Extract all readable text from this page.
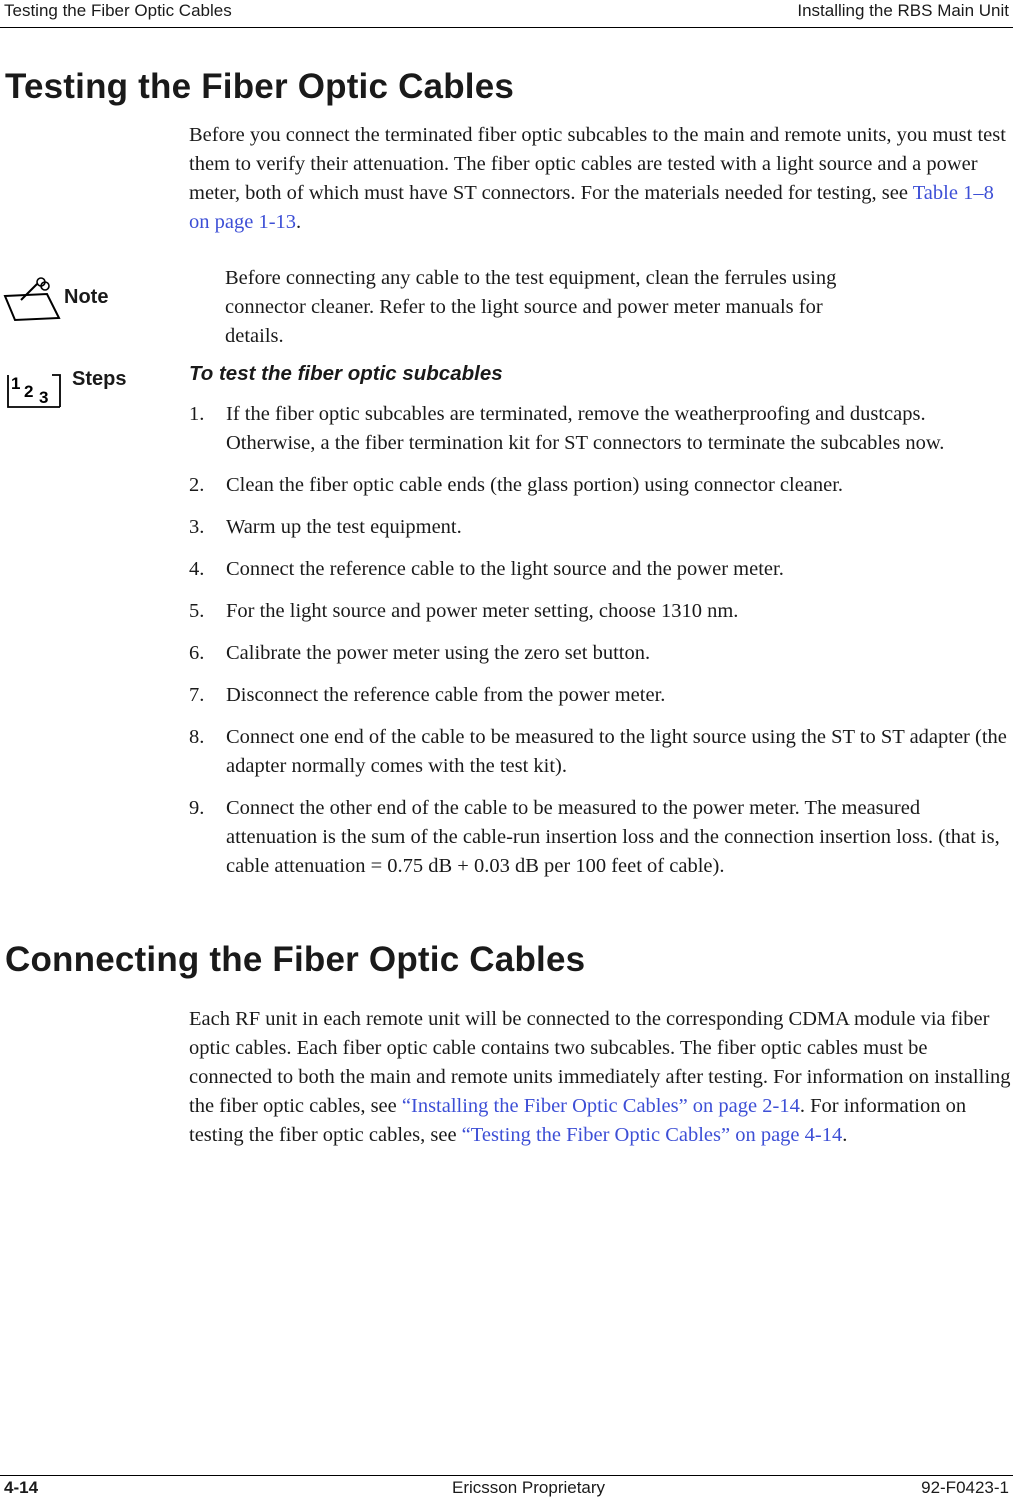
Testing the Fiber Optic Cables	Installing the RBS Main Unit
Testing the Fiber Optic Cables

Before you connect the terminated fiber optic subcables to the main and remote units, you must test them to verify their attenuation. The fiber optic cables are tested with a light source and a power meter, both of which must have ST connectors. For the materials needed for testing, see Table 1–8 on page 1-13.

Note

Before connecting any cable to the test equipment, clean the ferrules using connector cleaner. Refer to the light source and power meter manuals for details.

1 2 3
Steps	To test the fiber optic subcables
1. If the fiber optic subcables are terminated, remove the weatherproofing and dustcaps. Otherwise, a the fiber termination kit for ST connectors to terminate the subcables now.
2. Clean the fiber optic cable ends (the glass portion) using connector cleaner.
3. Warm up the test equipment.
4. Connect the reference cable to the light source and the power meter.
5. For the light source and power meter setting, choose 1310 nm.
6. Calibrate the power meter using the zero set button.
7. Disconnect the reference cable from the power meter.
8. Connect one end of the cable to be measured to the light source using the ST to ST adapter (the adapter normally comes with the test kit).
9. Connect the other end of the cable to be measured to the power meter. The measured attenuation is the sum of the cable-run insertion loss and the connection insertion loss. (that is, cable attenuation = 0.75 dB + 0.03 dB per 100 feet of cable).
Connecting the Fiber Optic Cables

Each RF unit in each remote unit will be connected to the corresponding CDMA module via fiber optic cables. Each fiber optic cable contains two subcables. The fiber optic cables must be connected to both the main and remote units immediately after testing. For information on installing the fiber optic cables, see “Installing the Fiber Optic Cables” on page 2-14. For information on testing the fiber optic cables, see “Testing the Fiber Optic Cables” on page 4-14.

4-14	Ericsson Proprietary	92-F0423-1
